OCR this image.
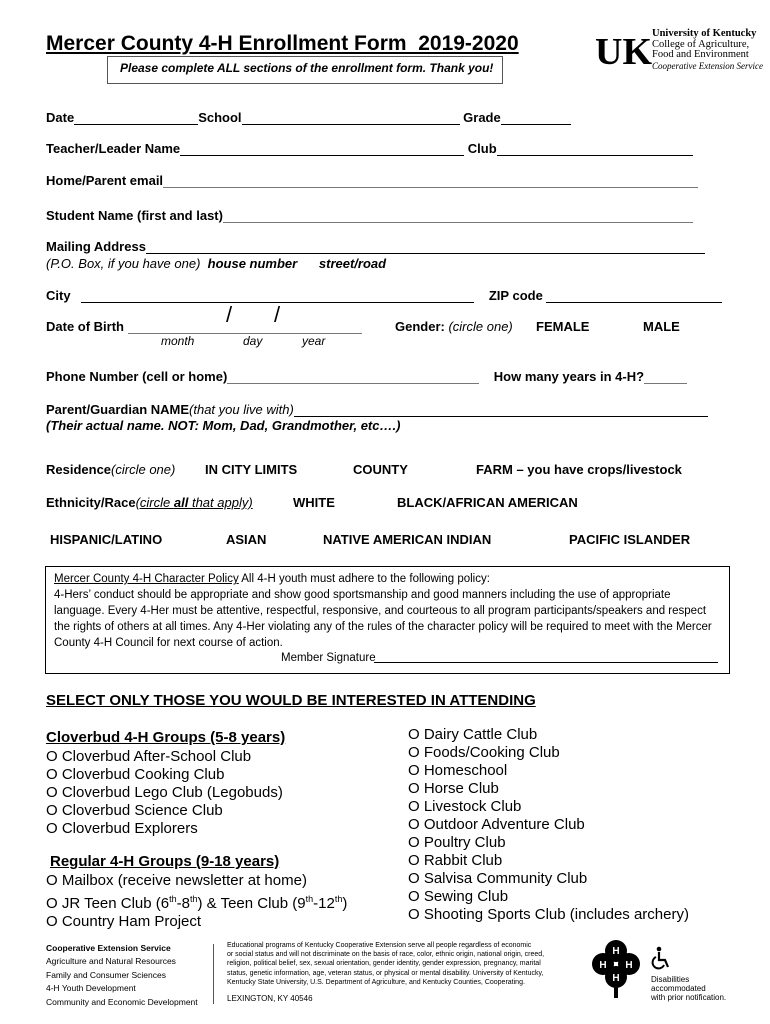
Mercer County 4-H Enrollment Form  2019-2020
Please complete ALL sections of the enrollment form. Thank you!	UK University of Kentucky
College of Agriculture,
Food and Environment
Cooperative Extension Service
Date	School	Grade
Teacher/Leader Name	Club
Home/Parent email
Student Name (first and last)
Mailing Address
(P.O. Box, if you have one) house number street/road
City	ZIP code
Date of Birth	/ /
month	day	year
Gender: (circle one) FEMALE	MALE
Phone Number (cell or home)	How many years in 4-H?
Parent/Guardian NAME(that you live with)
(Their actual name. NOT: Mom, Dad, Grandmother, etc….)
Residence(circle one) IN CITY LIMITS	COUNTY	FARM – you have crops/livestock
Ethnicity/Race(circle all that apply)	WHITE	BLACK/AFRICAN AMERICAN
HISPANIC/LATINO	ASIAN	NATIVE AMERICAN INDIAN	PACIFIC ISLANDER
Mercer County 4-H Character Policy All 4-H youth must adhere to the following policy:
4-Hers’ conduct should be appropriate and show good sportsmanship and good manners including the use of appropriate
language. Every 4-Her must be attentive, respectful, responsive, and courteous to all program participants/speakers and respect
the rights of others at all times. Any 4-Her violating any of the rules of the character policy will be required to meet with the Mercer
County 4-H Council for next course of action.
Member Signature
SELECT ONLY THOSE YOU WOULD BE INTERESTED IN ATTENDING
Cloverbud 4-H Groups (5-8 years)
O Cloverbud After-School Club
O Cloverbud Cooking Club
O Cloverbud Lego Club (Legobuds)
O Cloverbud Science Club
O Cloverbud Explorers
Regular 4-H Groups (9-18 years)
O Mailbox (receive newsletter at home)
O JR Teen Club (6th-8th) & Teen Club (9th-12th)
O Country Ham Project
O Dairy Cattle Club
O Foods/Cooking Club
O Homeschool
O Horse Club
O Livestock Club
O Outdoor Adventure Club
O Poultry Club
O Rabbit Club
O Salvisa Community Club
O Sewing Club
O Shooting Sports Club (includes archery)
Cooperative Extension Service
Agriculture and Natural Resources
Family and Consumer Sciences
4-H Youth Development
Community and Economic Development
Educational programs of Kentucky Cooperative Extension serve all people regardless of economic
or social status and will not discriminate on the basis of race, color, ethnic origin, national origin, creed,
religion, political belief, sex, sexual orientation, gender identity, gender expression, pregnancy, marital
status, genetic information, age, veteran status, or physical or mental disability. University of Kentucky,
Kentucky State University, U.S. Department of Agriculture, and Kentucky Counties, Cooperating.
LEXINGTON, KY 40546
H
H
H H
Disabilities
accommodated
with prior notification.
